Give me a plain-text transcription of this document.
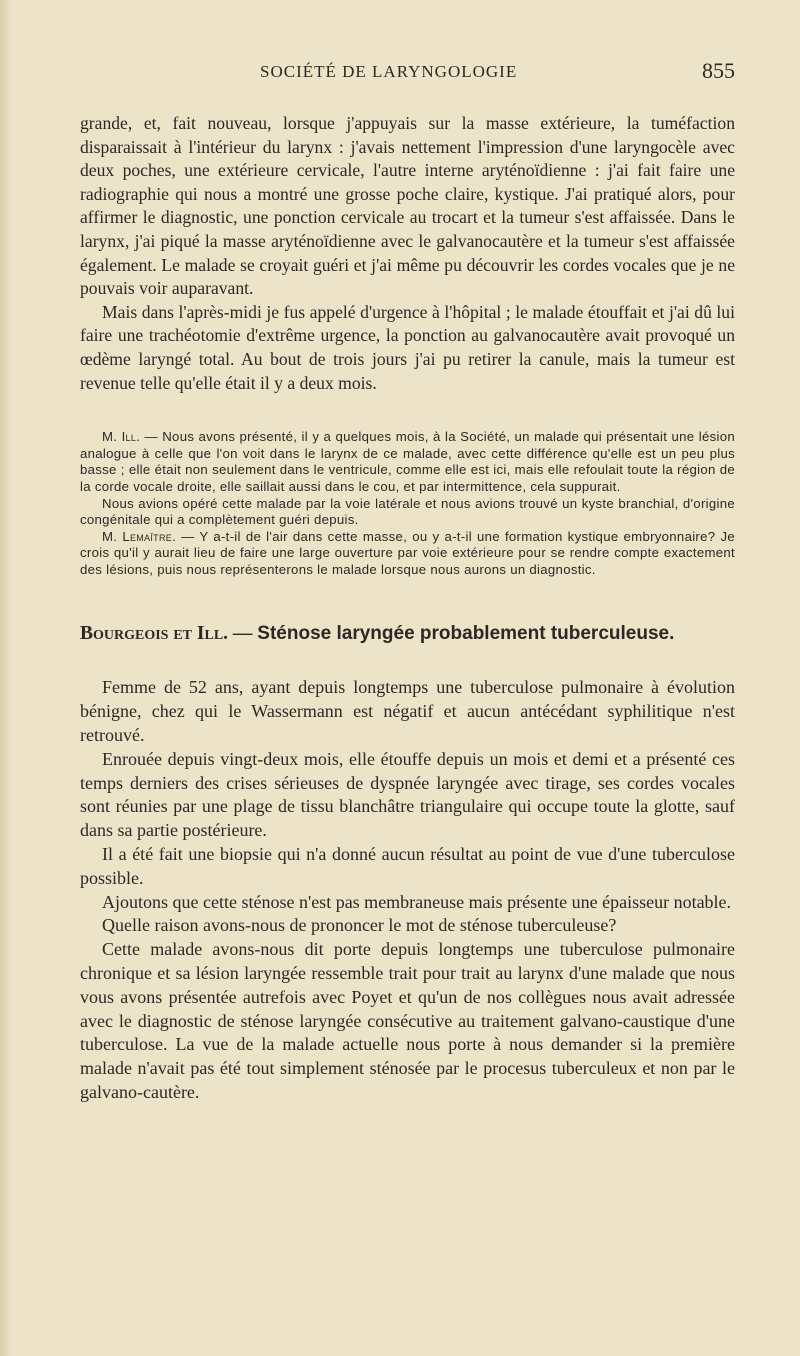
SOCIÉTÉ DE LARYNGOLOGIE	855

grande, et, fait nouveau, lorsque j'appuyais sur la masse extérieure, la tuméfaction disparaissait à l'intérieur du larynx : j'avais nettement l'impression d'une laryngocèle avec deux poches, une extérieure cervicale, l'autre interne aryténoïdienne : j'ai fait faire une radiographie qui nous a montré une grosse poche claire, kystique. J'ai pratiqué alors, pour affirmer le diagnostic, une ponction cervicale au trocart et la tumeur s'est affaissée. Dans le larynx, j'ai piqué la masse aryténoïdienne avec le galvanocautère et la tumeur s'est affaissée également. Le malade se croyait guéri et j'ai même pu découvrir les cordes vocales que je ne pouvais voir auparavant.

Mais dans l'après-midi je fus appelé d'urgence à l'hôpital ; le malade étouffait et j'ai dû lui faire une trachéotomie d'extrême urgence, la ponction au galvanocautère avait provoqué un œdème laryngé total. Au bout de trois jours j'ai pu retirer la canule, mais la tumeur est revenue telle qu'elle était il y a deux mois.

M. Ill. — Nous avons présenté, il y a quelques mois, à la Société, un malade qui présentait une lésion analogue à celle que l'on voit dans le larynx de ce malade, avec cette différence qu'elle est un peu plus basse ; elle était non seulement dans le ventricule, comme elle est ici, mais elle refoulait toute la région de la corde vocale droite, elle saillait aussi dans le cou, et par intermittence, cela suppurait.

Nous avions opéré cette malade par la voie latérale et nous avions trouvé un kyste branchial, d'origine congénitale qui a complètement guéri depuis.

M. Lemaître. — Y a-t-il de l'air dans cette masse, ou y a-t-il une formation kystique embryonnaire? Je crois qu'il y aurait lieu de faire une large ouverture par voie extérieure pour se rendre compte exactement des lésions, puis nous représenterons le malade lorsque nous aurons un diagnostic.

Bourgeois et Ill. — Sténose laryngée probablement tuberculeuse.

Femme de 52 ans, ayant depuis longtemps une tuberculose pulmonaire à évolution bénigne, chez qui le Wassermann est négatif et aucun antécédant syphilitique n'est retrouvé.

Enrouée depuis vingt-deux mois, elle étouffe depuis un mois et demi et a présenté ces temps derniers des crises sérieuses de dyspnée laryngée avec tirage, ses cordes vocales sont réunies par une plage de tissu blanchâtre triangulaire qui occupe toute la glotte, sauf dans sa partie postérieure.

Il a été fait une biopsie qui n'a donné aucun résultat au point de vue d'une tuberculose possible.

Ajoutons que cette sténose n'est pas membraneuse mais présente une épaisseur notable.

Quelle raison avons-nous de prononcer le mot de sténose tuberculeuse?

Cette malade avons-nous dit porte depuis longtemps une tuberculose pulmonaire chronique et sa lésion laryngée ressemble trait pour trait au larynx d'une malade que nous vous avons présentée autrefois avec Poyet et qu'un de nos collègues nous avait adressée avec le diagnostic de sténose laryngée consécutive au traitement galvano-caustique d'une tuberculose. La vue de la malade actuelle nous porte à nous demander si la première malade n'avait pas été tout simplement sténosée par le procesus tuberculeux et non par le galvano-cautère.
